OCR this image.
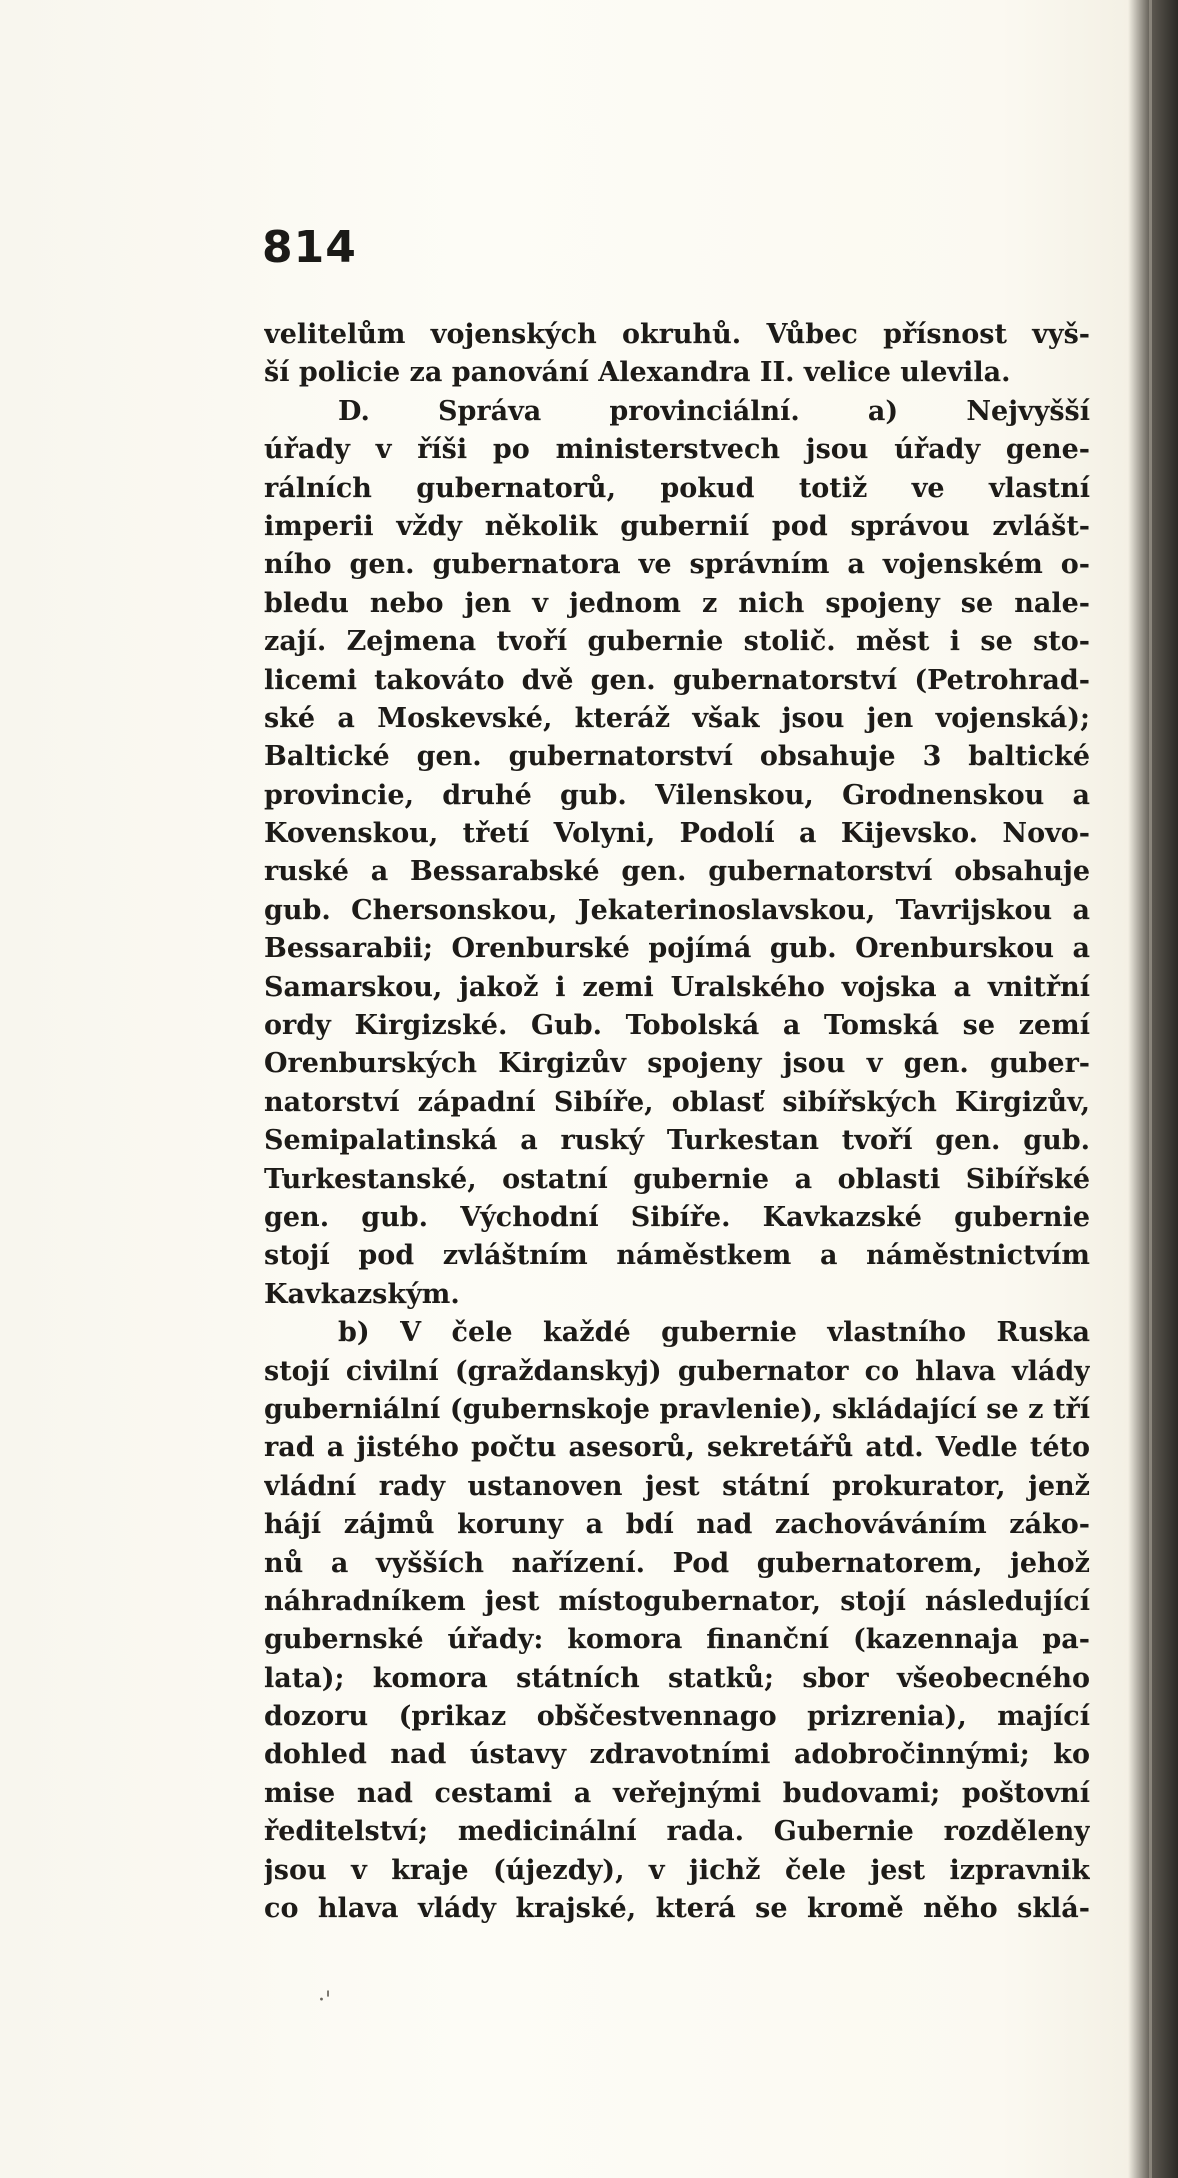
814
velitelům vojenských okruhů. Vůbec přísnost vyš-
ší policie za panování Alexandra II. velice ulevila.
D. Správa provinciální. a) Nejvyšší
úřady v říši po ministerstvech jsou úřady gene-
rálních gubernatorů, pokud totiž ve vlastní
imperii vždy několik gubernií pod správou zvlášt-
ního gen. gubernatora ve správním a vojenském o-
bledu nebo jen v jednom z nich spojeny se nale-
zají. Zejmena tvoří gubernie stolič. měst i se sto-
licemi takováto dvě gen. gubernatorství (Petrohrad-
ské a Moskevské, kteráž však jsou jen vojenská);
Baltické gen. gubernatorství obsahuje 3 baltické
provincie, druhé gub. Vilenskou, Grodnenskou a
Kovenskou, třetí Volyni, Podolí a Kijevsko. Novo-
ruské a Bessarabské gen. gubernatorství obsahuje
gub. Chersonskou, Jekaterinoslavskou, Tavrijskou a
Bessarabii; Orenburské pojímá gub. Orenburskou a
Samarskou, jakož i zemi Uralského vojska a vnitřní
ordy Kirgizské. Gub. Tobolská a Tomská se zemí
Orenburských Kirgizův spojeny jsou v gen. guber-
natorství západní Sibíře, oblasť sibířských Kirgizův,
Semipalatinská a ruský Turkestan tvoří gen. gub.
Turkestanské, ostatní gubernie a oblasti Sibířské
gen. gub. Východní Sibíře. Kavkazské gubernie
stojí pod zvláštním náměstkem a náměstnictvím
Kavkazským.
b) V čele každé gubernie vlastního Ruska
stojí civilní (graždanskyj) gubernator co hlava vlády
guberniální (gubernskoje pravlenie), skládající se z tří
rad a jistého počtu asesorů, sekretářů atd. Vedle této
vládní rady ustanoven jest státní prokurator, jenž
hájí zájmů koruny a bdí nad zachováváním záko-
nů a vyšších nařízení. Pod gubernatorem, jehož
náhradníkem jest místogubernator, stojí následující
gubernské úřady: komora finanční (kazennaja pa-
lata); komora státních statků; sbor všeobecného
dozoru (prikaz obščestvennago prizrenia), mající
dohled nad ústavy zdravotními adobročinnými; ko
mise nad cestami a veřejnými budovami; poštovní
ředitelství; medicinální rada. Gubernie rozděleny
jsou v kraje (újezdy), v jichž čele jest izpravnik
co hlava vlády krajské, která se kromě něho sklá-
·'
